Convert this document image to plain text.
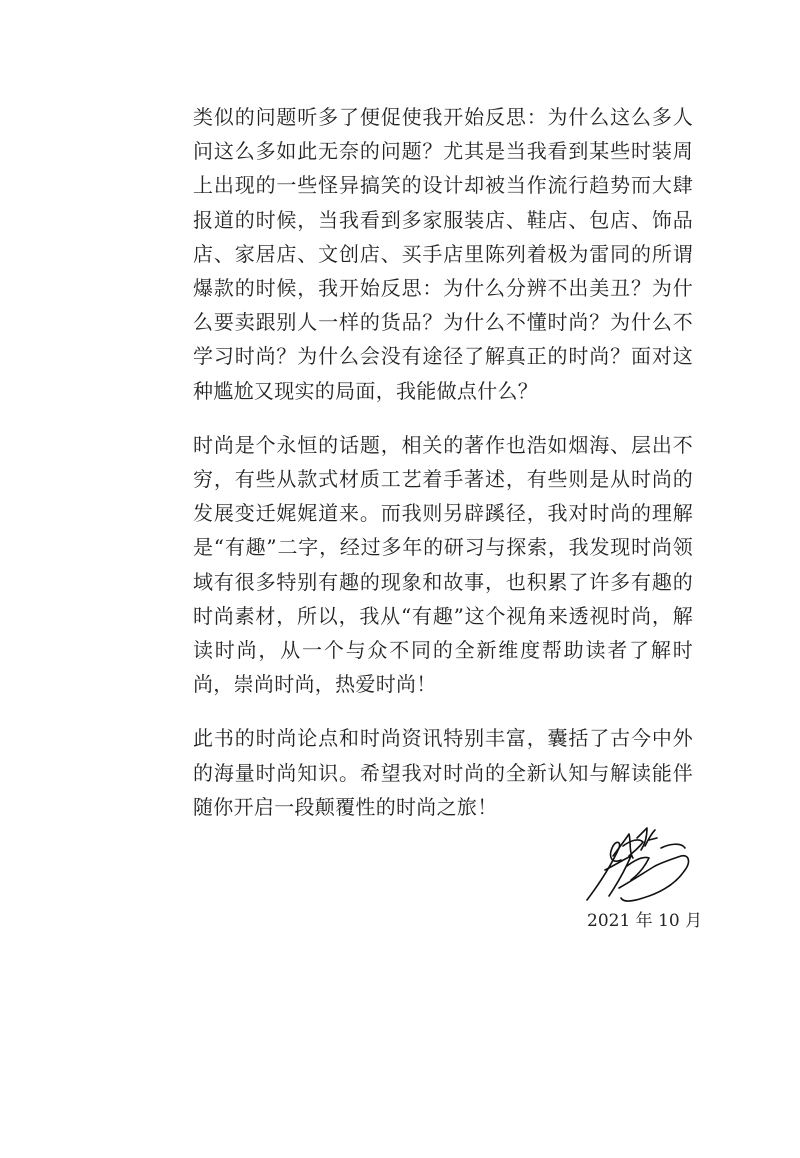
类似的问题听多了便促使我开始反思：为什么这么多人问这么多如此无奈的问题？尤其是当我看到某些时装周上出现的一些怪异搞笑的设计却被当作流行趋势而大肆报道的时候，当我看到多家服装店、鞋店、包店、饰品店、家居店、文创店、买手店里陈列着极为雷同的所谓爆款的时候，我开始反思：为什么分辨不出美丑？为什么要卖跟别人一样的货品？为什么不懂时尚？为什么不学习时尚？为什么会没有途径了解真正的时尚？面对这种尴尬又现实的局面，我能做点什么？

时尚是个永恒的话题，相关的著作也浩如烟海、层出不穷，有些从款式材质工艺着手著述，有些则是从时尚的发展变迁娓娓道来。而我则另辟蹊径，我对时尚的理解是“有趣”二字，经过多年的研习与探索，我发现时尚领域有很多特别有趣的现象和故事，也积累了许多有趣的时尚素材，所以，我从“有趣”这个视角来透视时尚，解读时尚，从一个与众不同的全新维度帮助读者了解时尚，崇尚时尚，热爱时尚！

此书的时尚论点和时尚资讯特别丰富，囊括了古今中外的海量时尚知识。希望我对时尚的全新认知与解读能伴随你开启一段颠覆性的时尚之旅！

2021 年 10 月
